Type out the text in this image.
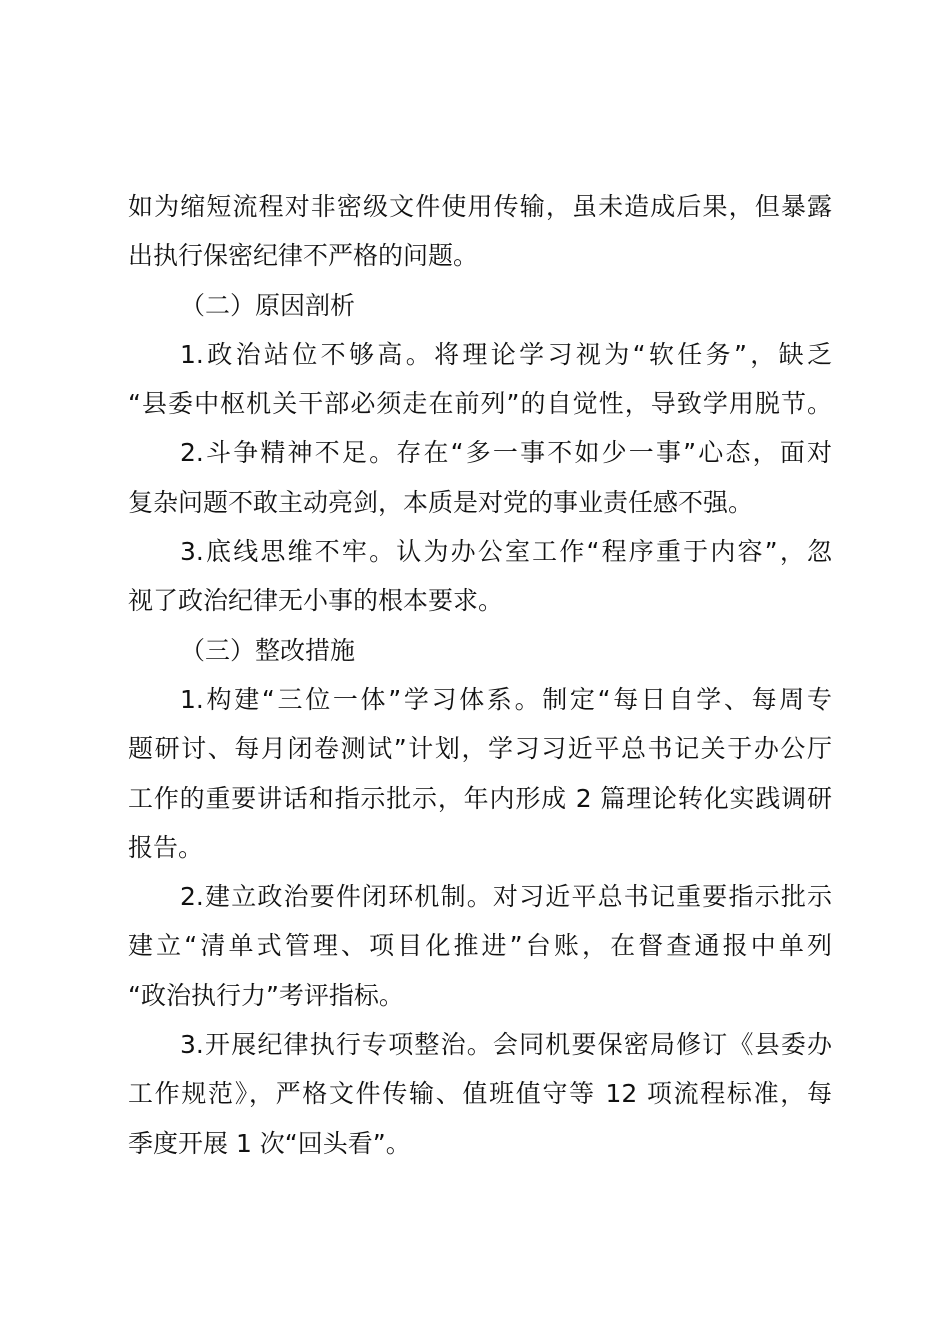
如为缩短流程对非密级文件使用传输，虽未造成后果，但暴露
出执行保密纪律不严格的问题。
（二）原因剖析
1.政治站位不够高。将理论学习视为“软任务”，缺乏
“县委中枢机关干部必须走在前列”的自觉性，导致学用脱节。
2.斗争精神不足。存在“多一事不如少一事”心态，面对
复杂问题不敢主动亮剑，本质是对党的事业责任感不强。
3.底线思维不牢。认为办公室工作“程序重于内容”，忽
视了政治纪律无小事的根本要求。
（三）整改措施
1.构建“三位一体”学习体系。制定“每日自学、每周专
题研讨、每月闭卷测试”计划，学习习近平总书记关于办公厅
工作的重要讲话和指示批示，年内形成 2 篇理论转化实践调研
报告。
2.建立政治要件闭环机制。对习近平总书记重要指示批示
建立“清单式管理、项目化推进”台账，在督查通报中单列
“政治执行力”考评指标。
3.开展纪律执行专项整治。会同机要保密局修订《县委办
工作规范》，严格文件传输、值班值守等 12 项流程标准，每
季度开展 1 次“回头看”。
